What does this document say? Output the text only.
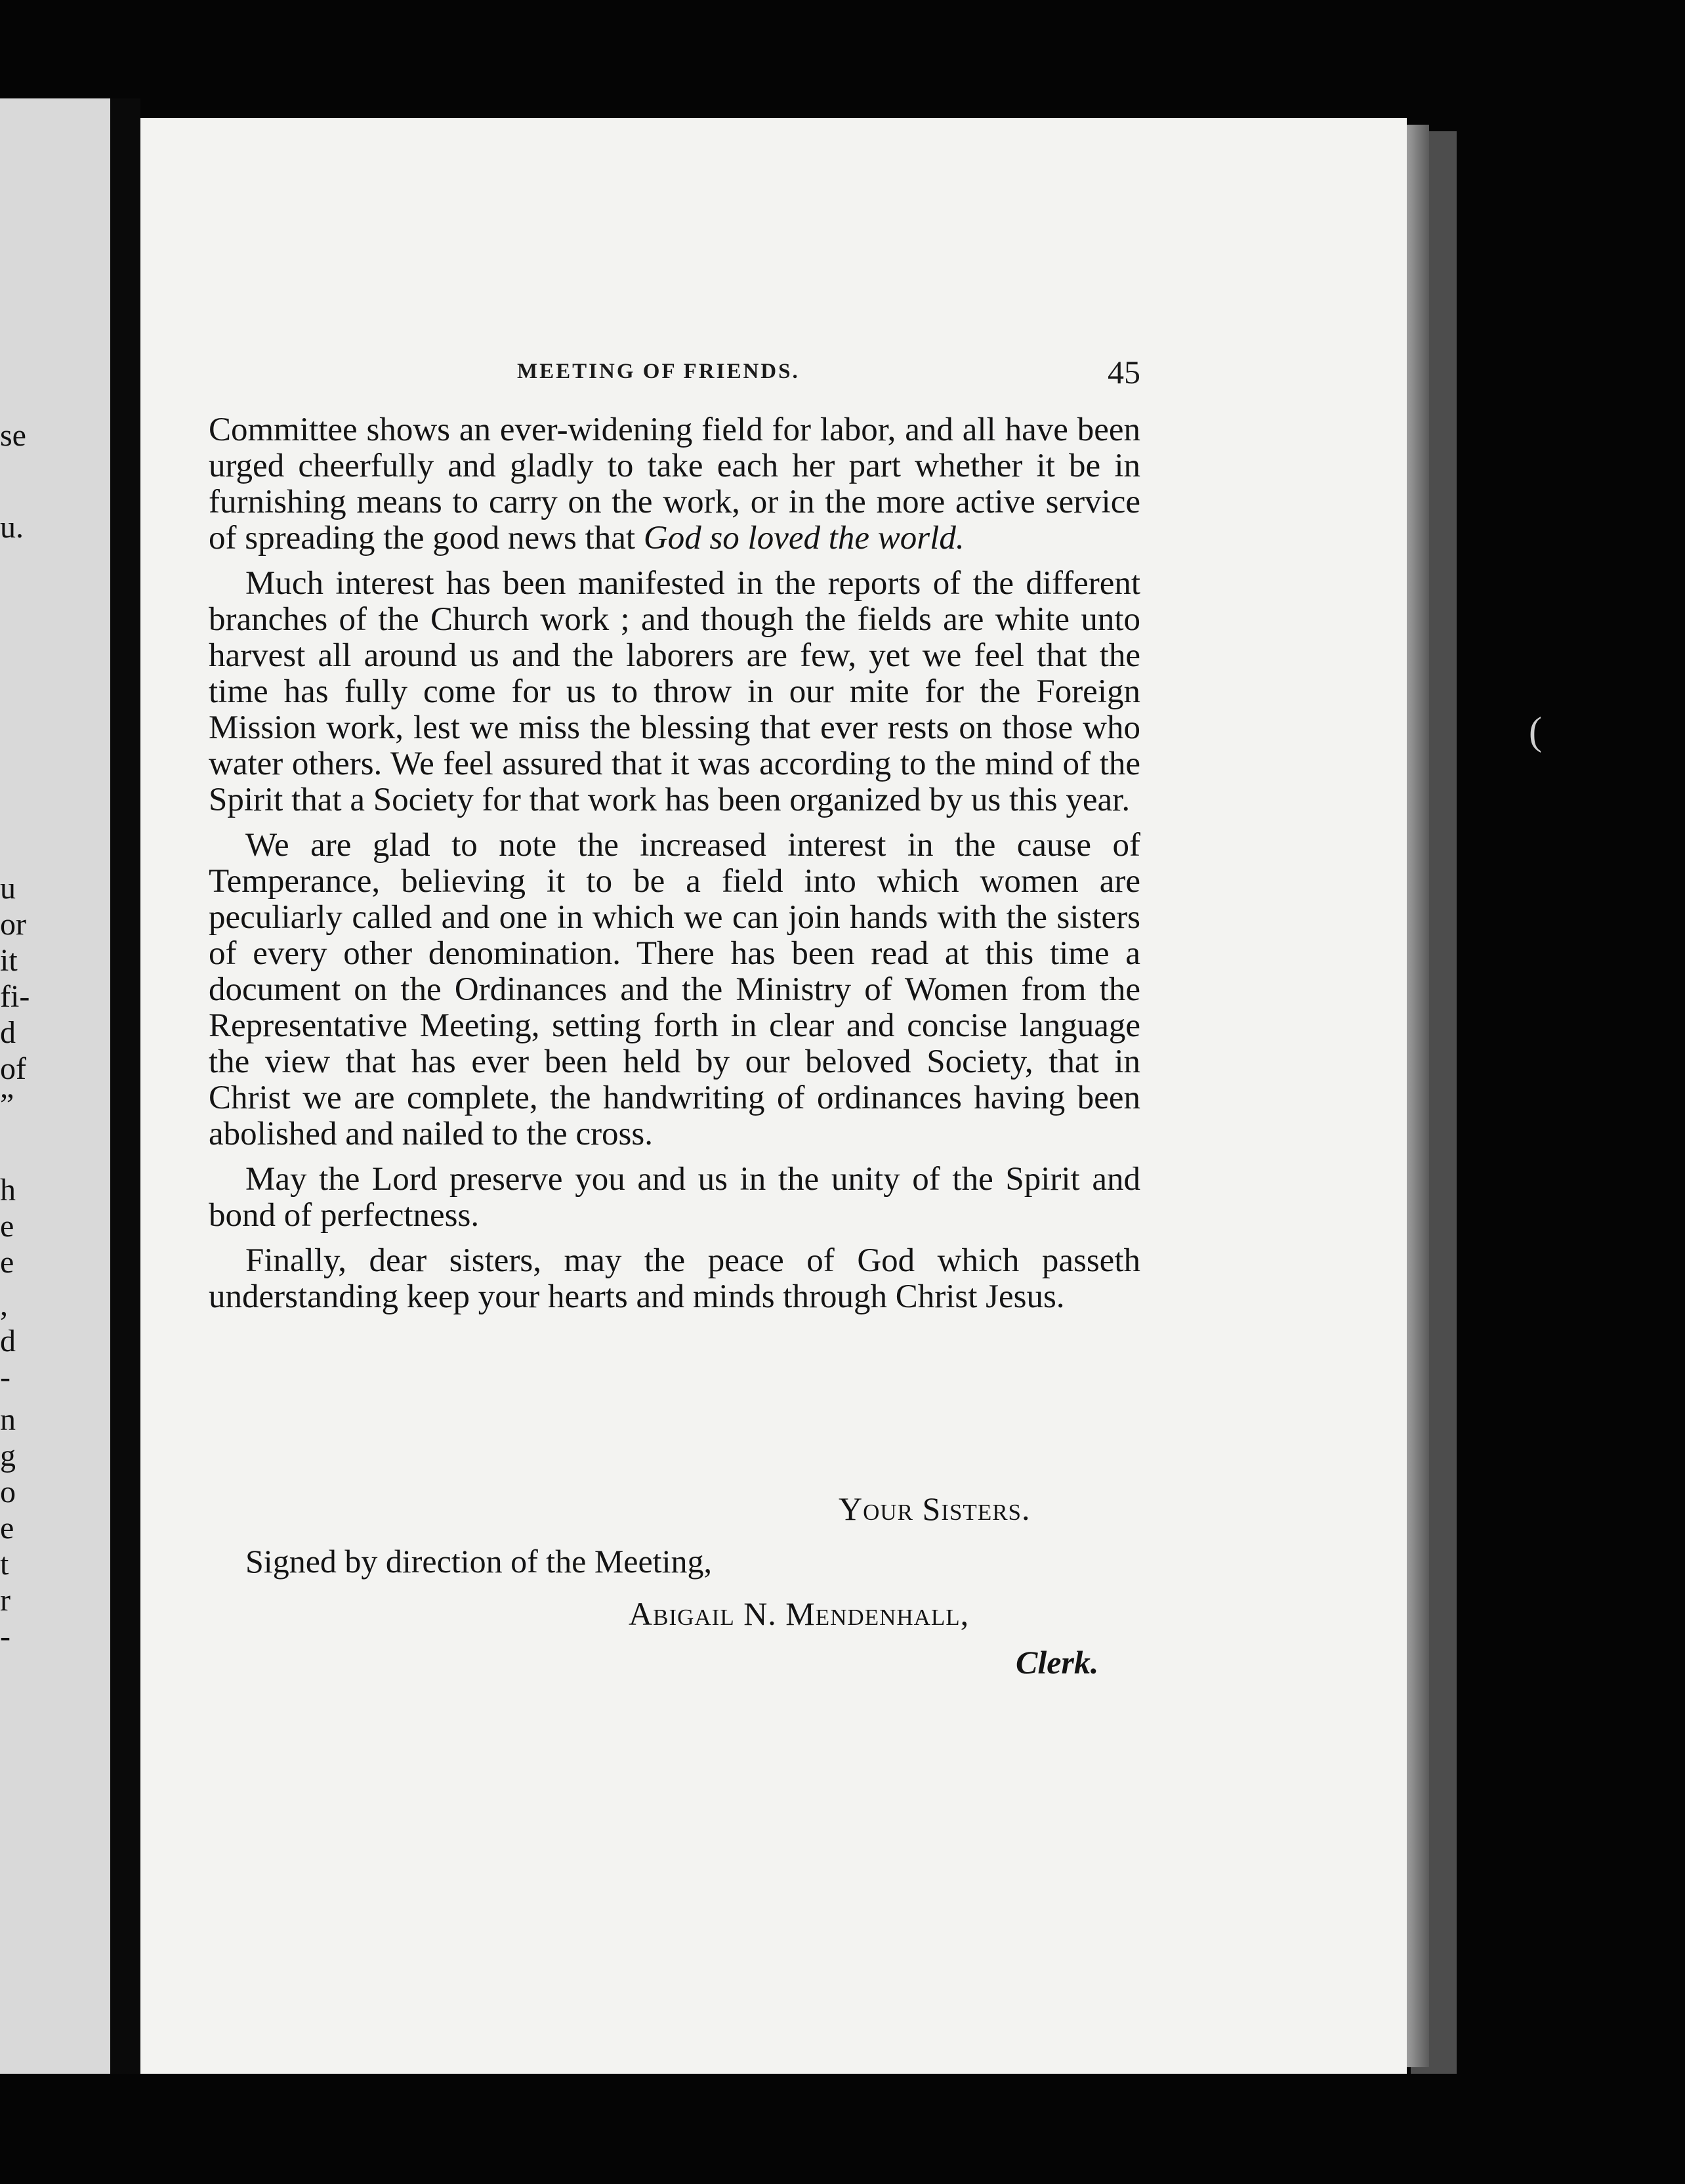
se
u.
u
or
it
fi-
d
of
”
h
e
e
,
d
-
n
g
o
e
t
r
-
MEETING OF FRIENDS.	45

Committee shows an ever-widening field for labor, and all have been urged cheerfully and gladly to take each her part whether it be in furnishing means to carry on the work, or in the more active service of spreading the good news that God so loved the world.

Much interest has been manifested in the reports of the different branches of the Church work ; and though the fields are white unto harvest all around us and the laborers are few, yet we feel that the time has fully come for us to throw in our mite for the Foreign Mission work, lest we miss the blessing that ever rests on those who water others. We feel assured that it was according to the mind of the Spirit that a Society for that work has been organized by us this year.

We are glad to note the increased interest in the cause of Temperance, believing it to be a field into which women are peculiarly called and one in which we can join hands with the sisters of every other denomination. There has been read at this time a document on the Ordinances and the Ministry of Women from the Representative Meeting, setting forth in clear and concise language the view that has ever been held by our beloved Society, that in Christ we are complete, the handwriting of ordinances having been abolished and nailed to the cross.

May the Lord preserve you and us in the unity of the Spirit and bond of perfectness.

Finally, dear sisters, may the peace of God which passeth understanding keep your hearts and minds through Christ Jesus.

Your Sisters.
Signed by direction of the Meeting,
Abigail N. Mendenhall,
Clerk.
(
